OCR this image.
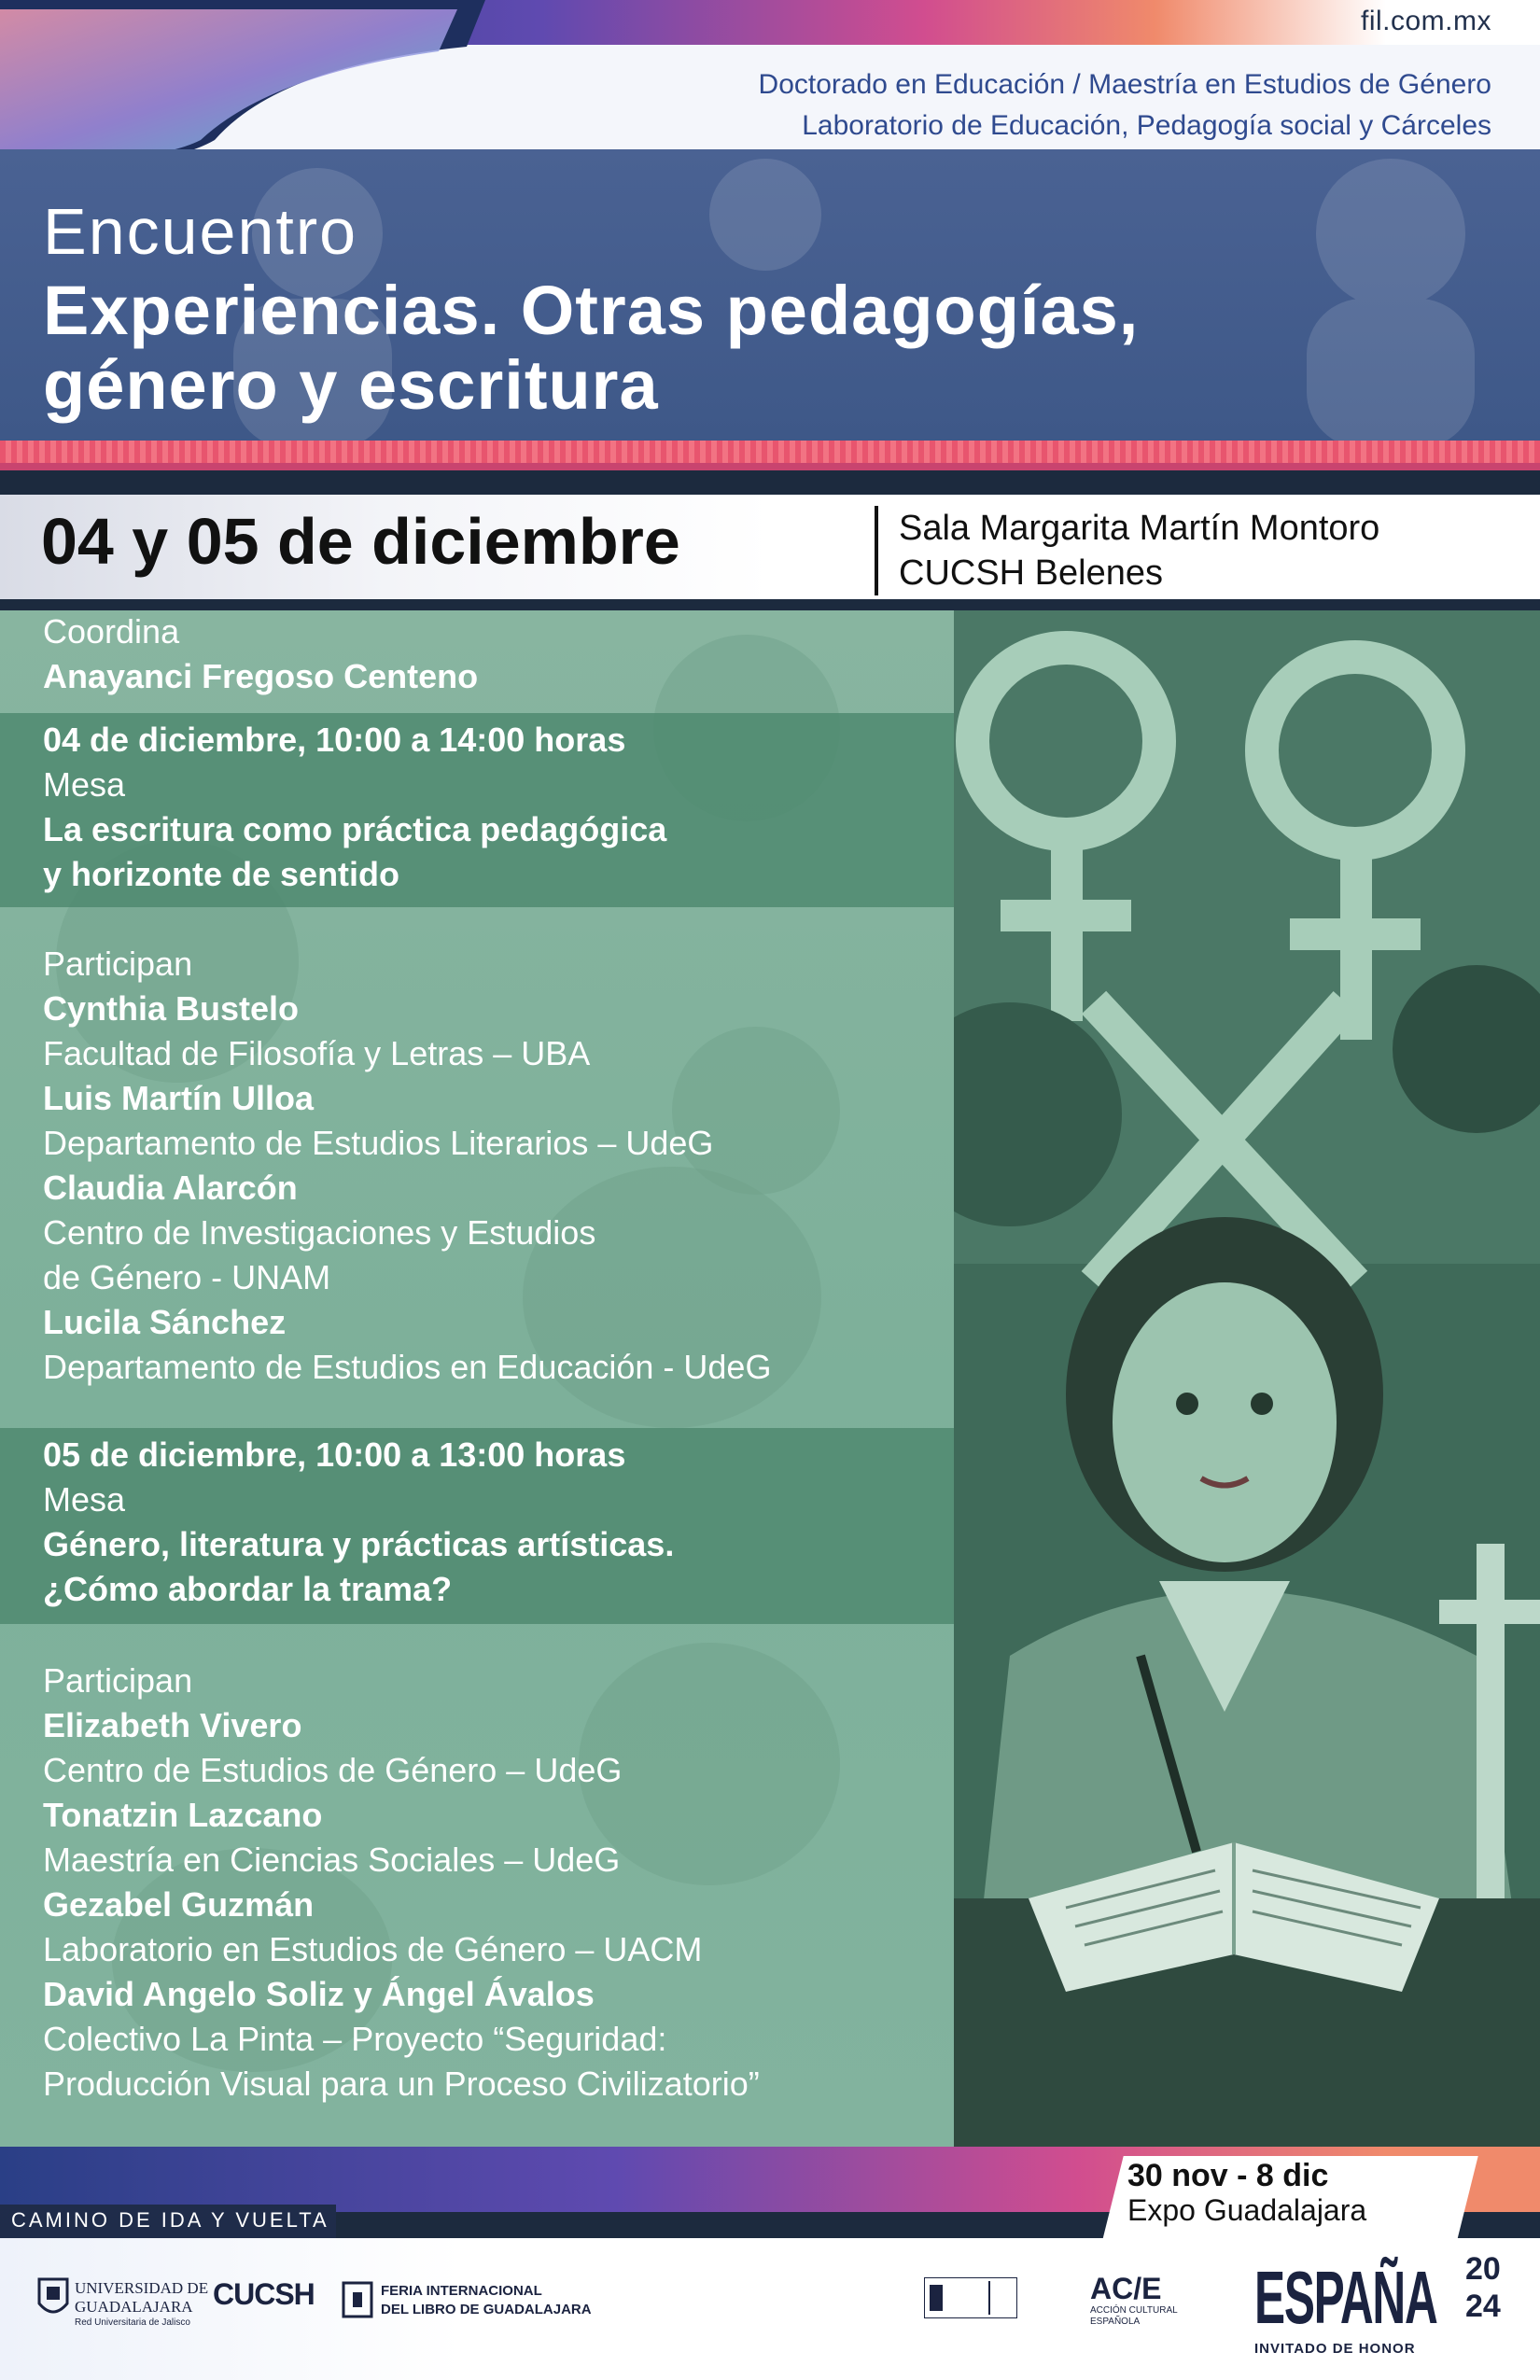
fil.com.mx
Doctorado en Educación / Maestría en Estudios de Género
Laboratorio de Educación, Pedagogía social y Cárceles
Encuentro
Experiencias. Otras pedagogías,
género y escritura
04 y 05 de diciembre	Sala Margarita Martín Montoro
CUCSH Belenes
Coordina
Anayanci Fregoso Centeno
04 de diciembre, 10:00 a 14:00 horas
Mesa
La escritura como práctica pedagógica
y horizonte de sentido
Participan
Cynthia Bustelo
Facultad de Filosofía y Letras – UBA
Luis Martín Ulloa
Departamento de Estudios Literarios – UdeG
Claudia Alarcón
Centro de Investigaciones y Estudios
de Género - UNAM
Lucila Sánchez
Departamento de Estudios en Educación - UdeG
05 de diciembre, 10:00 a 13:00 horas
Mesa
Género, literatura y prácticas artísticas.
¿Cómo abordar la trama?
Participan
Elizabeth Vivero
Centro de Estudios de Género – UdeG
Tonatzin Lazcano
Maestría en Ciencias Sociales – UdeG
Gezabel Guzmán
Laboratorio en Estudios de Género – UACM
David Angelo Soliz y Ángel Ávalos
Colectivo La Pinta – Proyecto “Seguridad:
Producción Visual para un Proceso Civilizatorio”
CAMINO DE IDA Y VUELTA
30 nov - 8 dic
Expo Guadalajara
UNIVERSIDAD DE
GUADALAJARA
Red Universitaria de Jalisco
CUCSH	FERIA INTERNACIONAL
DEL LIBRO DE GUADALAJARA
AC/E
ACCIÓN CULTURAL
ESPAÑOLA ESPAÑA
INVITADO DE HONOR
20
24
